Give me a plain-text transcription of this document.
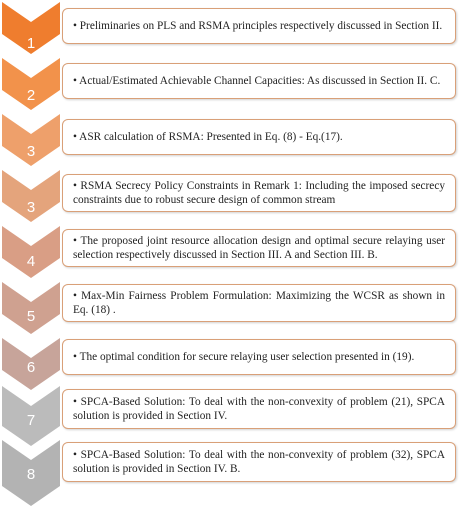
1

• Preliminaries on PLS and RSMA principles respectively discussed in Section II.

2

• Actual/Estimated Achievable Channel Capacities: As discussed in Section II. C.

3

• ASR calculation of RSMA: Presented in Eq. (8) - Eq.(17).

3

• RSMA Secrecy Policy Constraints in Remark 1: Including the imposed secrecy constraints due to robust secure design of common stream

4

• The proposed joint resource allocation design and optimal secure relaying user selection respectively discussed in Section III. A and Section III. B.

5

• Max-Min Fairness Problem Formulation: Maximizing the WCSR as shown in Eq. (18) .

6

• The optimal condition for secure relaying user selection presented in (19).

7

• SPCA-Based Solution: To deal with the non-convexity of problem (21), SPCA solution is provided in Section IV.

8

• SPCA-Based Solution: To deal with the non-convexity of problem (32), SPCA solution is provided in Section IV. B.
